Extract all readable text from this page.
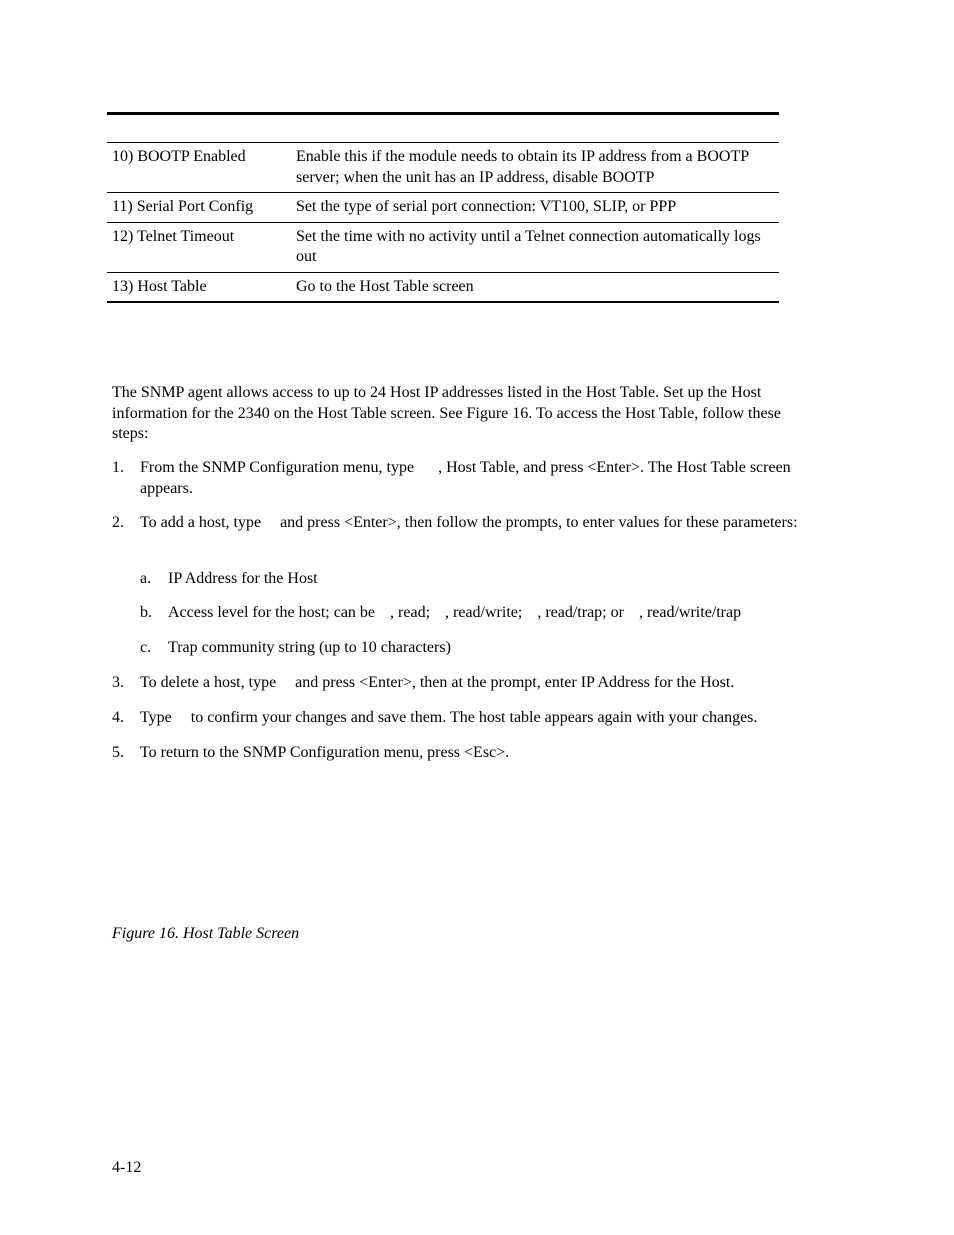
10) BOOTP Enabled	Enable this if the module needs to obtain its IP address from a BOOTP server; when the unit has an IP address, disable BOOTP
11) Serial Port Config	Set the type of serial port connection: VT100, SLIP, or PPP
12) Telnet Timeout	Set the time with no activity until a Telnet connection automatically logs out
13) Host Table	Go to the Host Table screen
The SNMP agent allows access to up to 24 Host IP addresses listed in the Host Table. Set up the Host information for the 2340 on the Host Table screen. See Figure 16. To access the Host Table, follow these steps:
1.	From the SNMP Configuration menu, type , Host Table, and press <Enter>. The Host Table screen appears.
2.	To add a host, type and press <Enter>, then follow the prompts, to enter values for these parameters:
a.	IP Address for the Host
b.	Access level for the host; can be , read; , read/write; , read/trap; or , read/write/trap
c.	Trap community string (up to 10 characters)
3.	To delete a host, type and press <Enter>, then at the prompt, enter IP Address for the Host.
4.	Type to confirm your changes and save them. The host table appears again with your changes.
5.	To return to the SNMP Configuration menu, press <Esc>.
Figure 16. Host Table Screen
4-12
